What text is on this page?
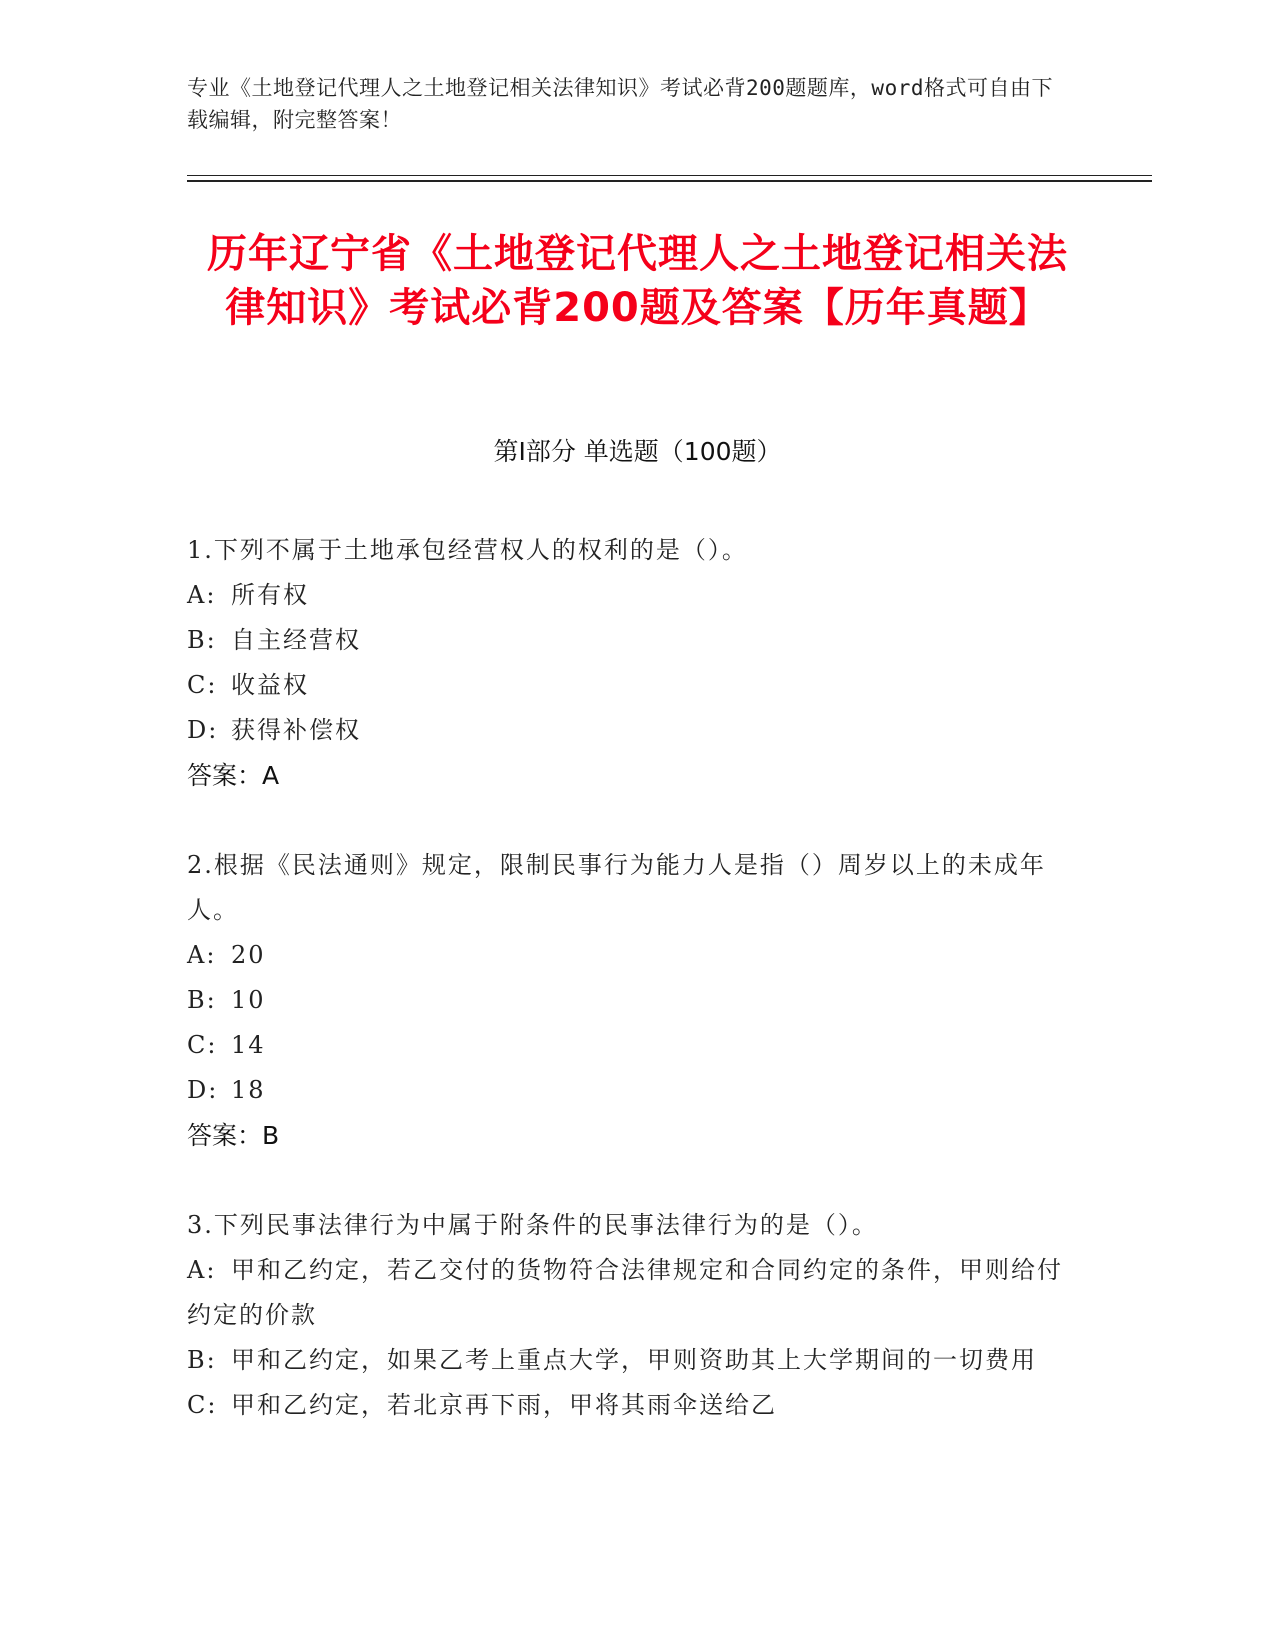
专业《土地登记代理人之土地登记相关法律知识》考试必背200题题库，word格式可自由下载编辑，附完整答案！
历年辽宁省《土地登记代理人之土地登记相关法律知识》考试必背200题及答案【历年真题】
第Ⅰ部分 单选题（100题）
1.下列不属于土地承包经营权人的权利的是（）。
A: 所有权
B: 自主经营权
C: 收益权
D: 获得补偿权
答案：A
2.根据《民法通则》规定，限制民事行为能力人是指（）周岁以上的未成年人。
A: 20
B: 10
C: 14
D: 18
答案：B
3.下列民事法律行为中属于附条件的民事法律行为的是（）。
A: 甲和乙约定，若乙交付的货物符合法律规定和合同约定的条件，甲则给付约定的价款
B: 甲和乙约定，如果乙考上重点大学，甲则资助其上大学期间的一切费用
C: 甲和乙约定，若北京再下雨，甲将其雨伞送给乙
